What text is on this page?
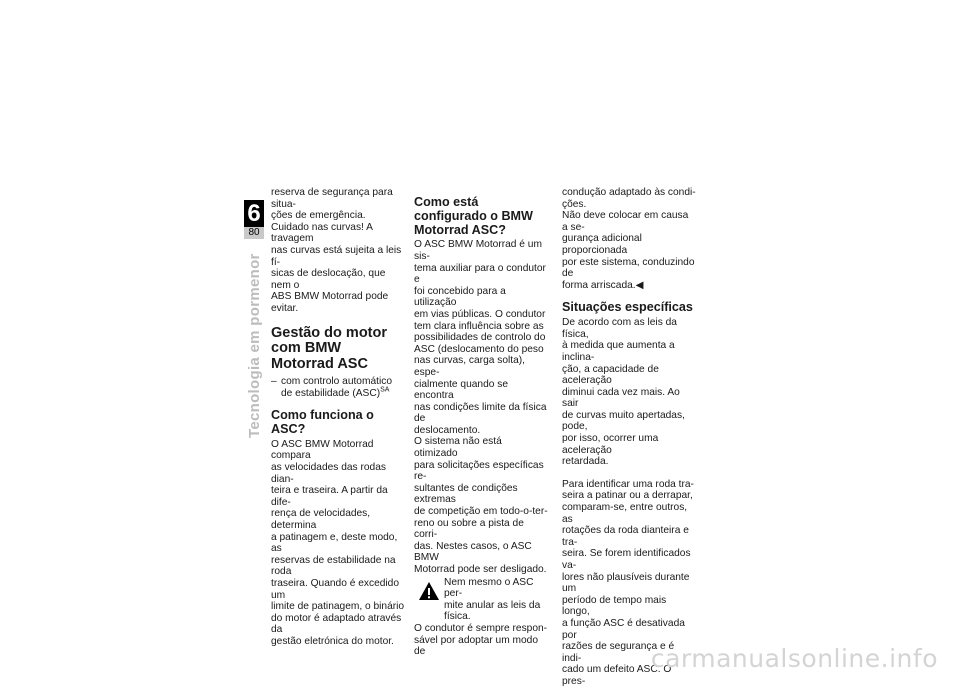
6
80
Tecnologia em pormenor

reserva de segurança para situa-
ções de emergência.
Cuidado nas curvas! A travagem
nas curvas está sujeita a leis fí-
sicas de deslocação, que nem o
ABS BMW Motorrad pode evitar.

Gestão do motor com BMW Motorrad ASC
– com controlo automático de estabilidade (ASC)$^{SA}$
Como funciona o ASC?

O ASC BMW Motorrad compara
as velocidades das rodas dian-
teira e traseira. A partir da dife-
rença de velocidades, determina
a patinagem e, deste modo, as
reservas de estabilidade na roda
traseira. Quando é excedido um
limite de patinagem, o binário
do motor é adaptado através da
gestão eletrónica do motor.

Como está configurado o BMW Motorrad ASC?

O ASC BMW Motorrad é um sis-
tema auxiliar para o condutor e
foi concebido para a utilização
em vias públicas. O condutor
tem clara influência sobre as
possibilidades de controlo do
ASC (deslocamento do peso
nas curvas, carga solta), espe-
cialmente quando se encontra
nas condições limite da física de
deslocamento.

O sistema não está otimizado
para solicitações específicas re-
sultantes de condições extremas
de competição em todo-o-ter-
reno ou sobre a pista de corri-
das. Nestes casos, o ASC BMW
Motorrad pode ser desligado.

Nem mesmo o ASC per-
mite anular as leis da física.

O condutor é sempre respon-
sável por adoptar um modo de

condução adaptado às condi-
ções.
Não deve colocar em causa a se-
gurança adicional proporcionada
por este sistema, conduzindo de
forma arriscada.◀

Situações específicas

De acordo com as leis da física,
à medida que aumenta a inclina-
ção, a capacidade de aceleração
diminui cada vez mais. Ao sair
de curvas muito apertadas, pode,
por isso, ocorrer uma aceleração
retardada.

Para identificar uma roda tra-
seira a patinar ou a derrapar,
comparam-se, entre outros, as
rotações da roda dianteira e tra-
seira. Se forem identificados va-
lores não plausíveis durante um
período de tempo mais longo,
a função ASC é desativada por
razões de segurança e é indi-
cado um defeito ASC. O pres-

carmanualsonline.info
